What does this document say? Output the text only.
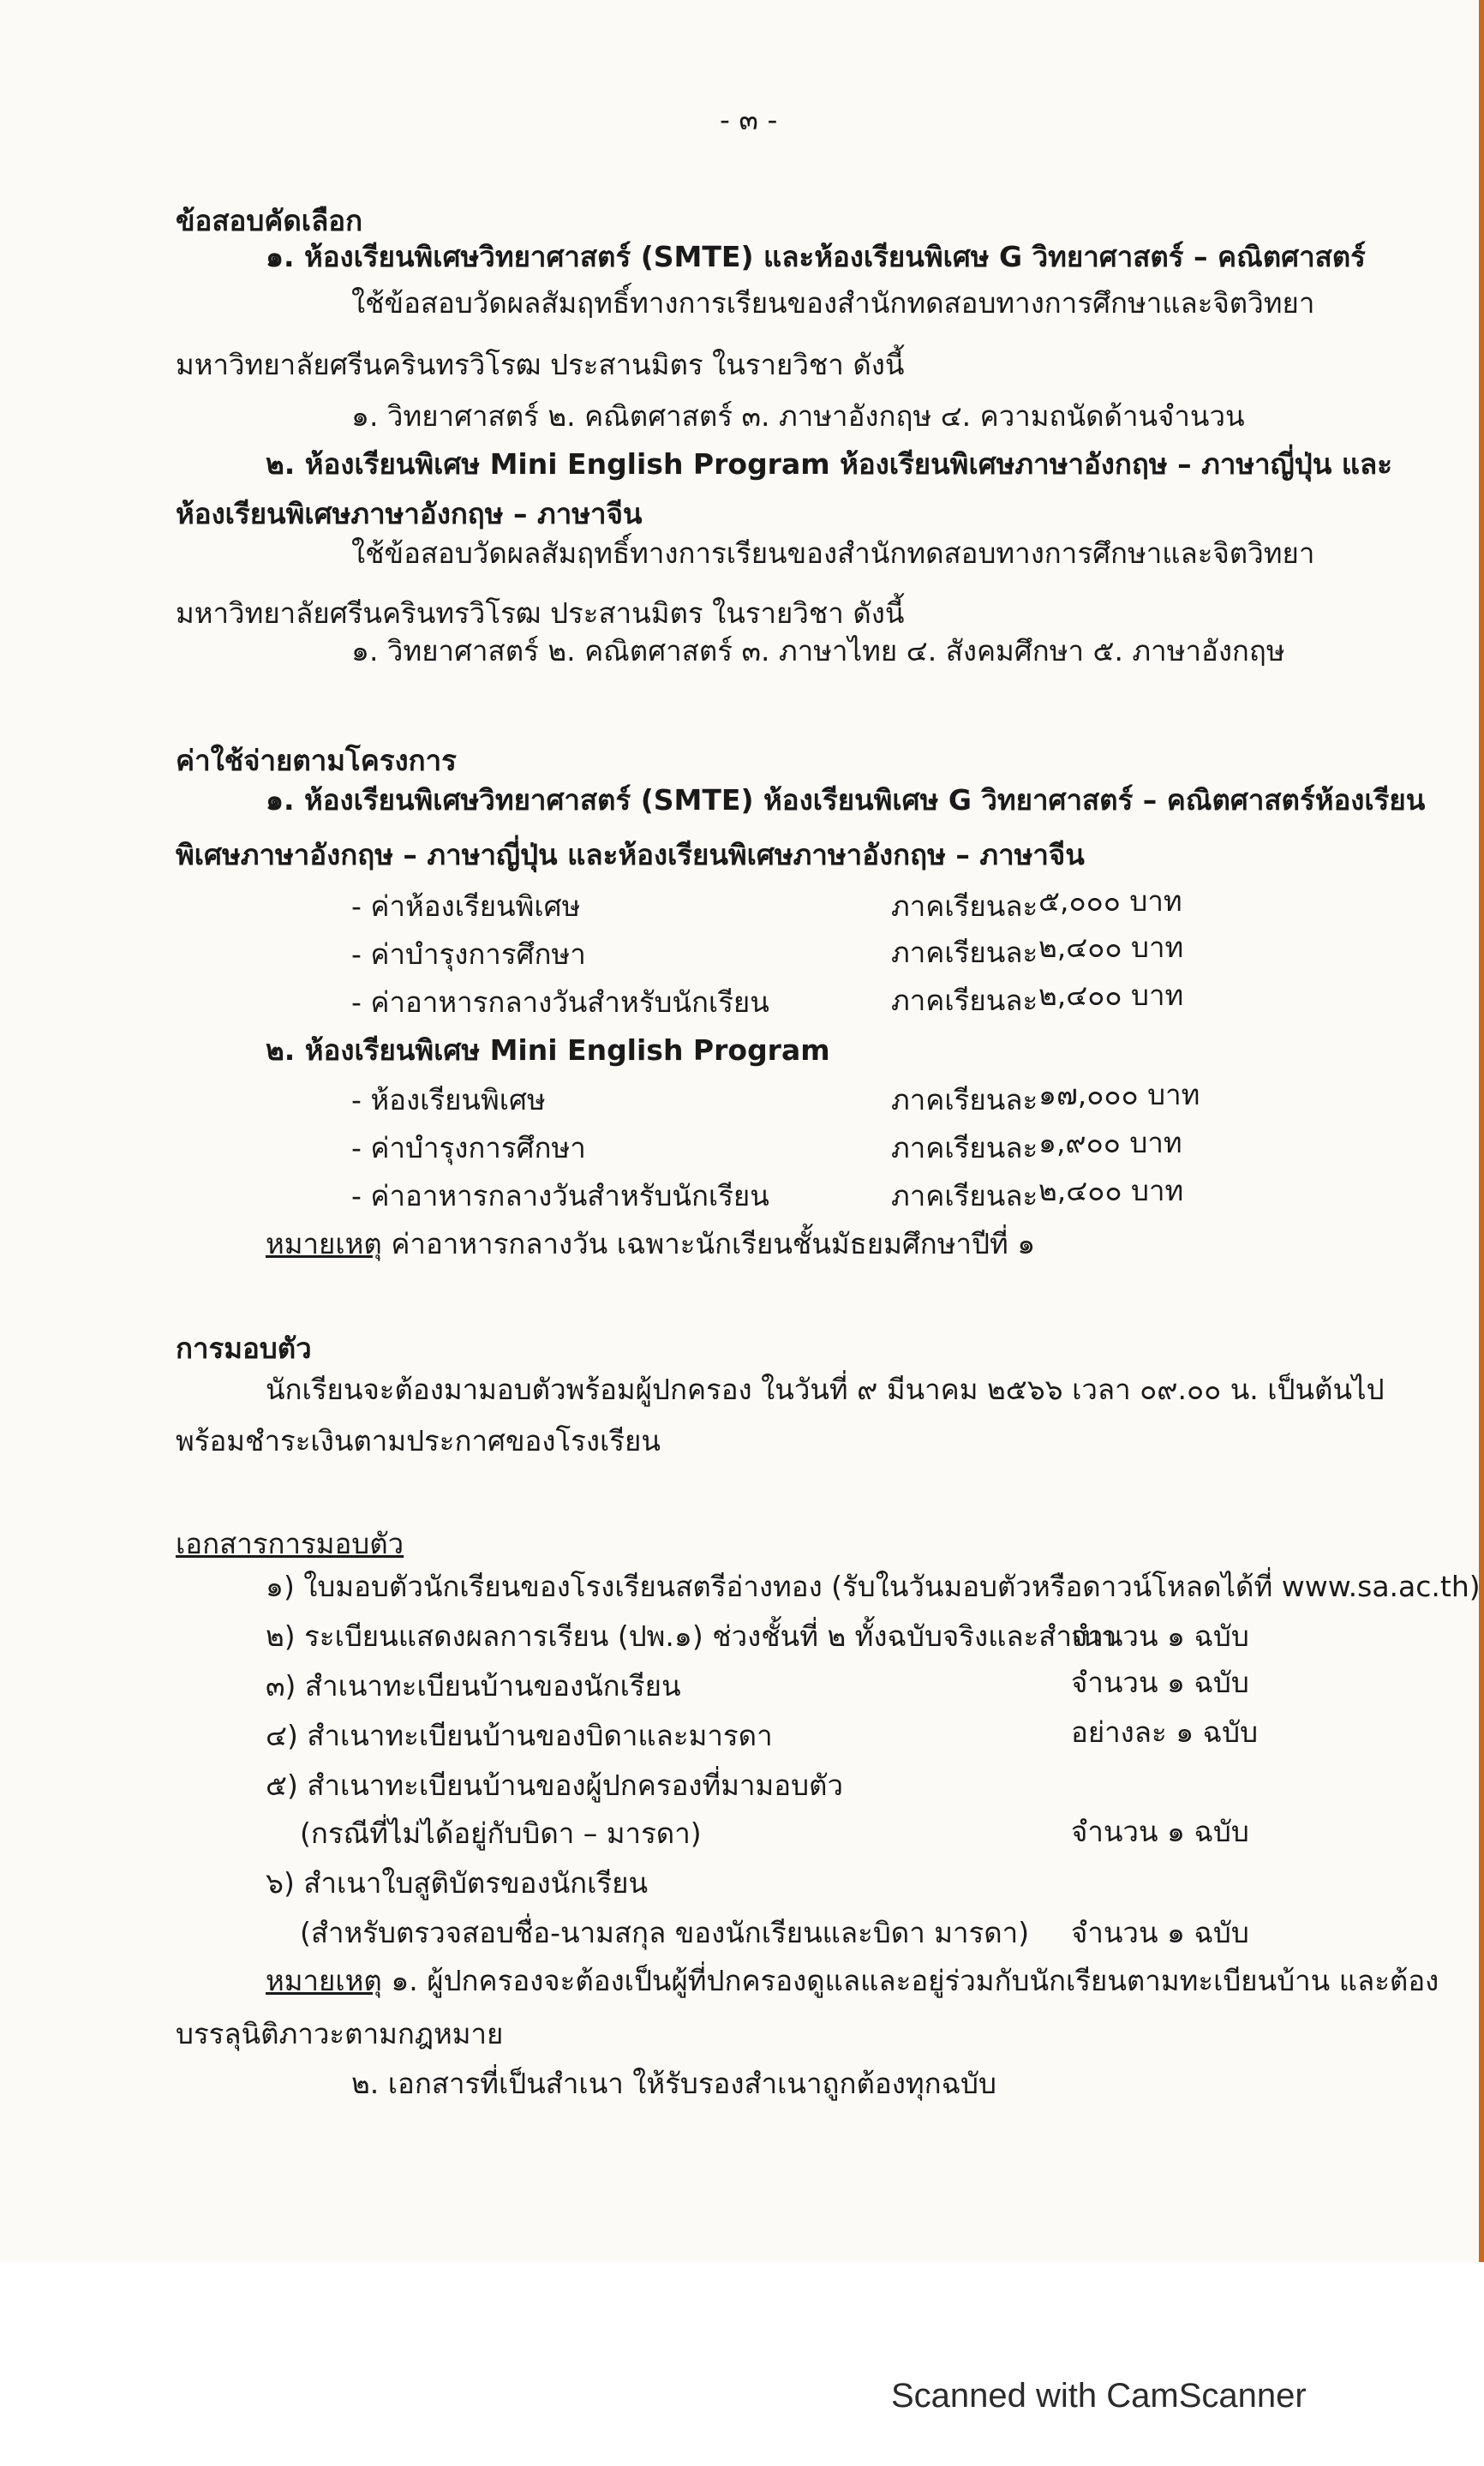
- ๓ -
ข้อสอบคัดเลือก
๑. ห้องเรียนพิเศษวิทยาศาสตร์ (SMTE) และห้องเรียนพิเศษ G วิทยาศาสตร์ – คณิตศาสตร์
ใช้ข้อสอบวัดผลสัมฤทธิ์ทางการเรียนของสำนักทดสอบทางการศึกษาและจิตวิทยา
มหาวิทยาลัยศรีนครินทรวิโรฒ ประสานมิตร ในรายวิชา ดังนี้
๑. วิทยาศาสตร์ ๒. คณิตศาสตร์ ๓. ภาษาอังกฤษ ๔. ความถนัดด้านจำนวน
๒. ห้องเรียนพิเศษ Mini English Program ห้องเรียนพิเศษภาษาอังกฤษ – ภาษาญี่ปุ่น และ
ห้องเรียนพิเศษภาษาอังกฤษ – ภาษาจีน
ใช้ข้อสอบวัดผลสัมฤทธิ์ทางการเรียนของสำนักทดสอบทางการศึกษาและจิตวิทยา
มหาวิทยาลัยศรีนครินทรวิโรฒ ประสานมิตร ในรายวิชา ดังนี้
๑. วิทยาศาสตร์ ๒. คณิตศาสตร์ ๓. ภาษาไทย ๔. สังคมศึกษา ๕. ภาษาอังกฤษ
ค่าใช้จ่ายตามโครงการ
๑. ห้องเรียนพิเศษวิทยาศาสตร์ (SMTE) ห้องเรียนพิเศษ G วิทยาศาสตร์ – คณิตศาสตร์ห้องเรียน
พิเศษภาษาอังกฤษ – ภาษาญี่ปุ่น และห้องเรียนพิเศษภาษาอังกฤษ – ภาษาจีน
- ค่าห้องเรียนพิเศษ	ภาคเรียนละ ๕,๐๐๐ บาท
- ค่าบำรุงการศึกษา	ภาคเรียนละ ๒,๔๐๐ บาท
- ค่าอาหารกลางวันสำหรับนักเรียน	ภาคเรียนละ ๒,๔๐๐ บาท
๒. ห้องเรียนพิเศษ Mini English Program
- ห้องเรียนพิเศษ	ภาคเรียนละ ๑๗,๐๐๐ บาท
- ค่าบำรุงการศึกษา	ภาคเรียนละ ๑,๙๐๐ บาท
- ค่าอาหารกลางวันสำหรับนักเรียน	ภาคเรียนละ ๒,๔๐๐ บาท
หมายเหตุ ค่าอาหารกลางวัน เฉพาะนักเรียนชั้นมัธยมศึกษาปีที่ ๑
การมอบตัว
นักเรียนจะต้องมามอบตัวพร้อมผู้ปกครอง ในวันที่ ๙ มีนาคม ๒๕๖๖ เวลา ๐๙.๐๐ น. เป็นต้นไป
พร้อมชำระเงินตามประกาศของโรงเรียน
เอกสารการมอบตัว
๑) ใบมอบตัวนักเรียนของโรงเรียนสตรีอ่างทอง (รับในวันมอบตัวหรือดาวน์โหลดได้ที่ www.sa.ac.th)
๒) ระเบียนแสดงผลการเรียน (ปพ.๑) ช่วงชั้นที่ ๒ ทั้งฉบับจริงและสำเนา
จำนวน ๑ ฉบับ
๓) สำเนาทะเบียนบ้านของนักเรียน	จำนวน ๑ ฉบับ
๔) สำเนาทะเบียนบ้านของบิดาและมารดา	อย่างละ ๑ ฉบับ
๕) สำเนาทะเบียนบ้านของผู้ปกครองที่มามอบตัว
(กรณีที่ไม่ได้อยู่กับบิดา – มารดา)	จำนวน ๑ ฉบับ
๖) สำเนาใบสูติบัตรของนักเรียน
(สำหรับตรวจสอบชื่อ-นามสกุล ของนักเรียนและบิดา มารดา) จำนวน ๑ ฉบับ
หมายเหตุ ๑. ผู้ปกครองจะต้องเป็นผู้ที่ปกครองดูแลและอยู่ร่วมกับนักเรียนตามทะเบียนบ้าน และต้อง
บรรลุนิติภาวะตามกฎหมาย
๒. เอกสารที่เป็นสำเนา ให้รับรองสำเนาถูกต้องทุกฉบับ
Scanned with CamScanner
